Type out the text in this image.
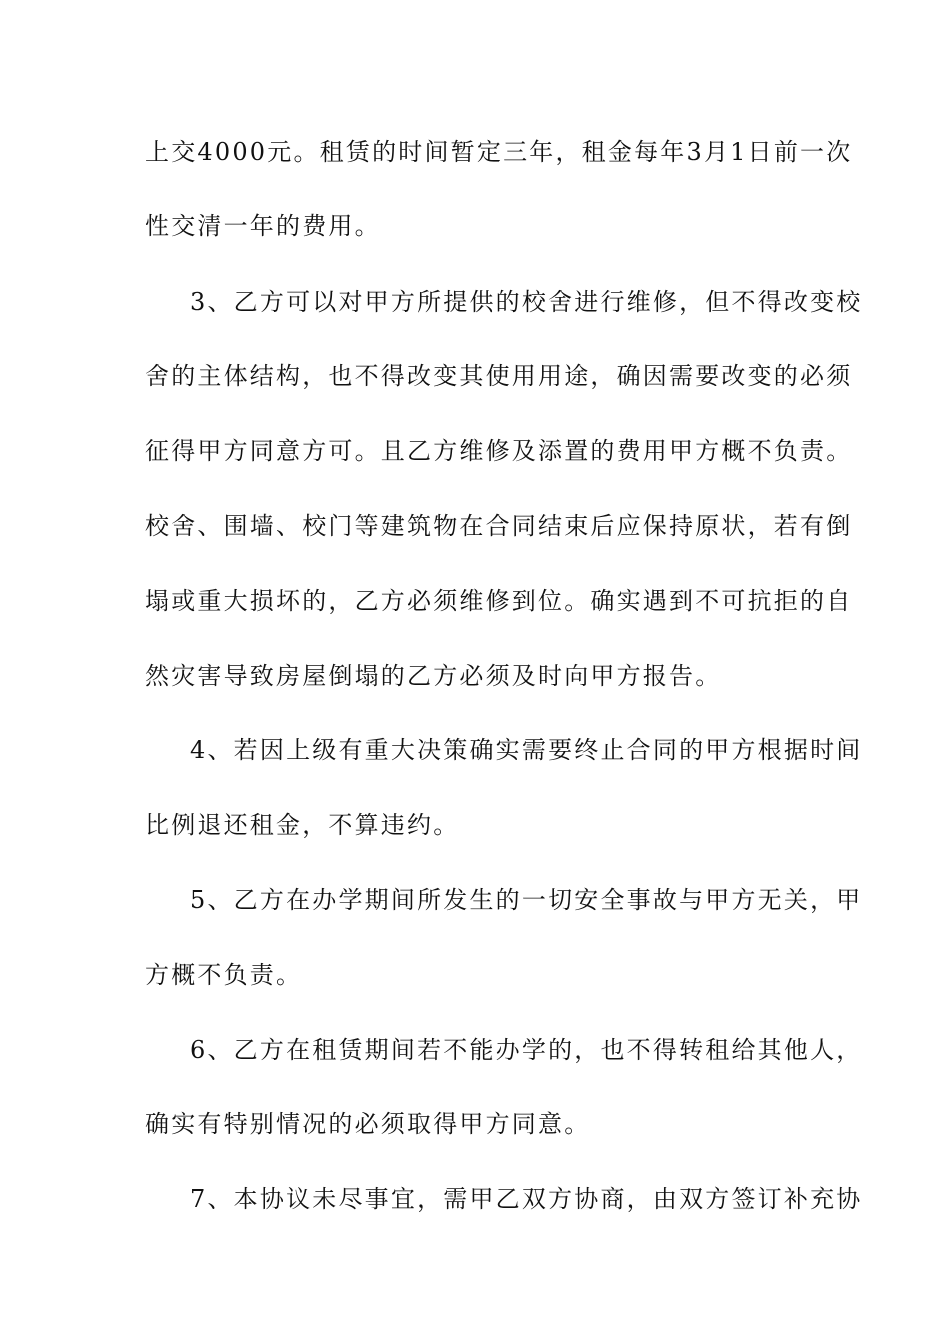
上交4000元。租赁的时间暂定三年，租金每年3月1日前一次
性交清一年的费用。
3、乙方可以对甲方所提供的校舍进行维修，但不得改变校
舍的主体结构，也不得改变其使用用途，确因需要改变的必须
征得甲方同意方可。且乙方维修及添置的费用甲方概不负责。
校舍、围墙、校门等建筑物在合同结束后应保持原状，若有倒
塌或重大损坏的，乙方必须维修到位。确实遇到不可抗拒的自
然灾害导致房屋倒塌的乙方必须及时向甲方报告。
4、若因上级有重大决策确实需要终止合同的甲方根据时间
比例退还租金，不算违约。
5、乙方在办学期间所发生的一切安全事故与甲方无关，甲
方概不负责。
6、乙方在租赁期间若不能办学的，也不得转租给其他人，
确实有特别情况的必须取得甲方同意。
7、本协议未尽事宜，需甲乙双方协商，由双方签订补充协
